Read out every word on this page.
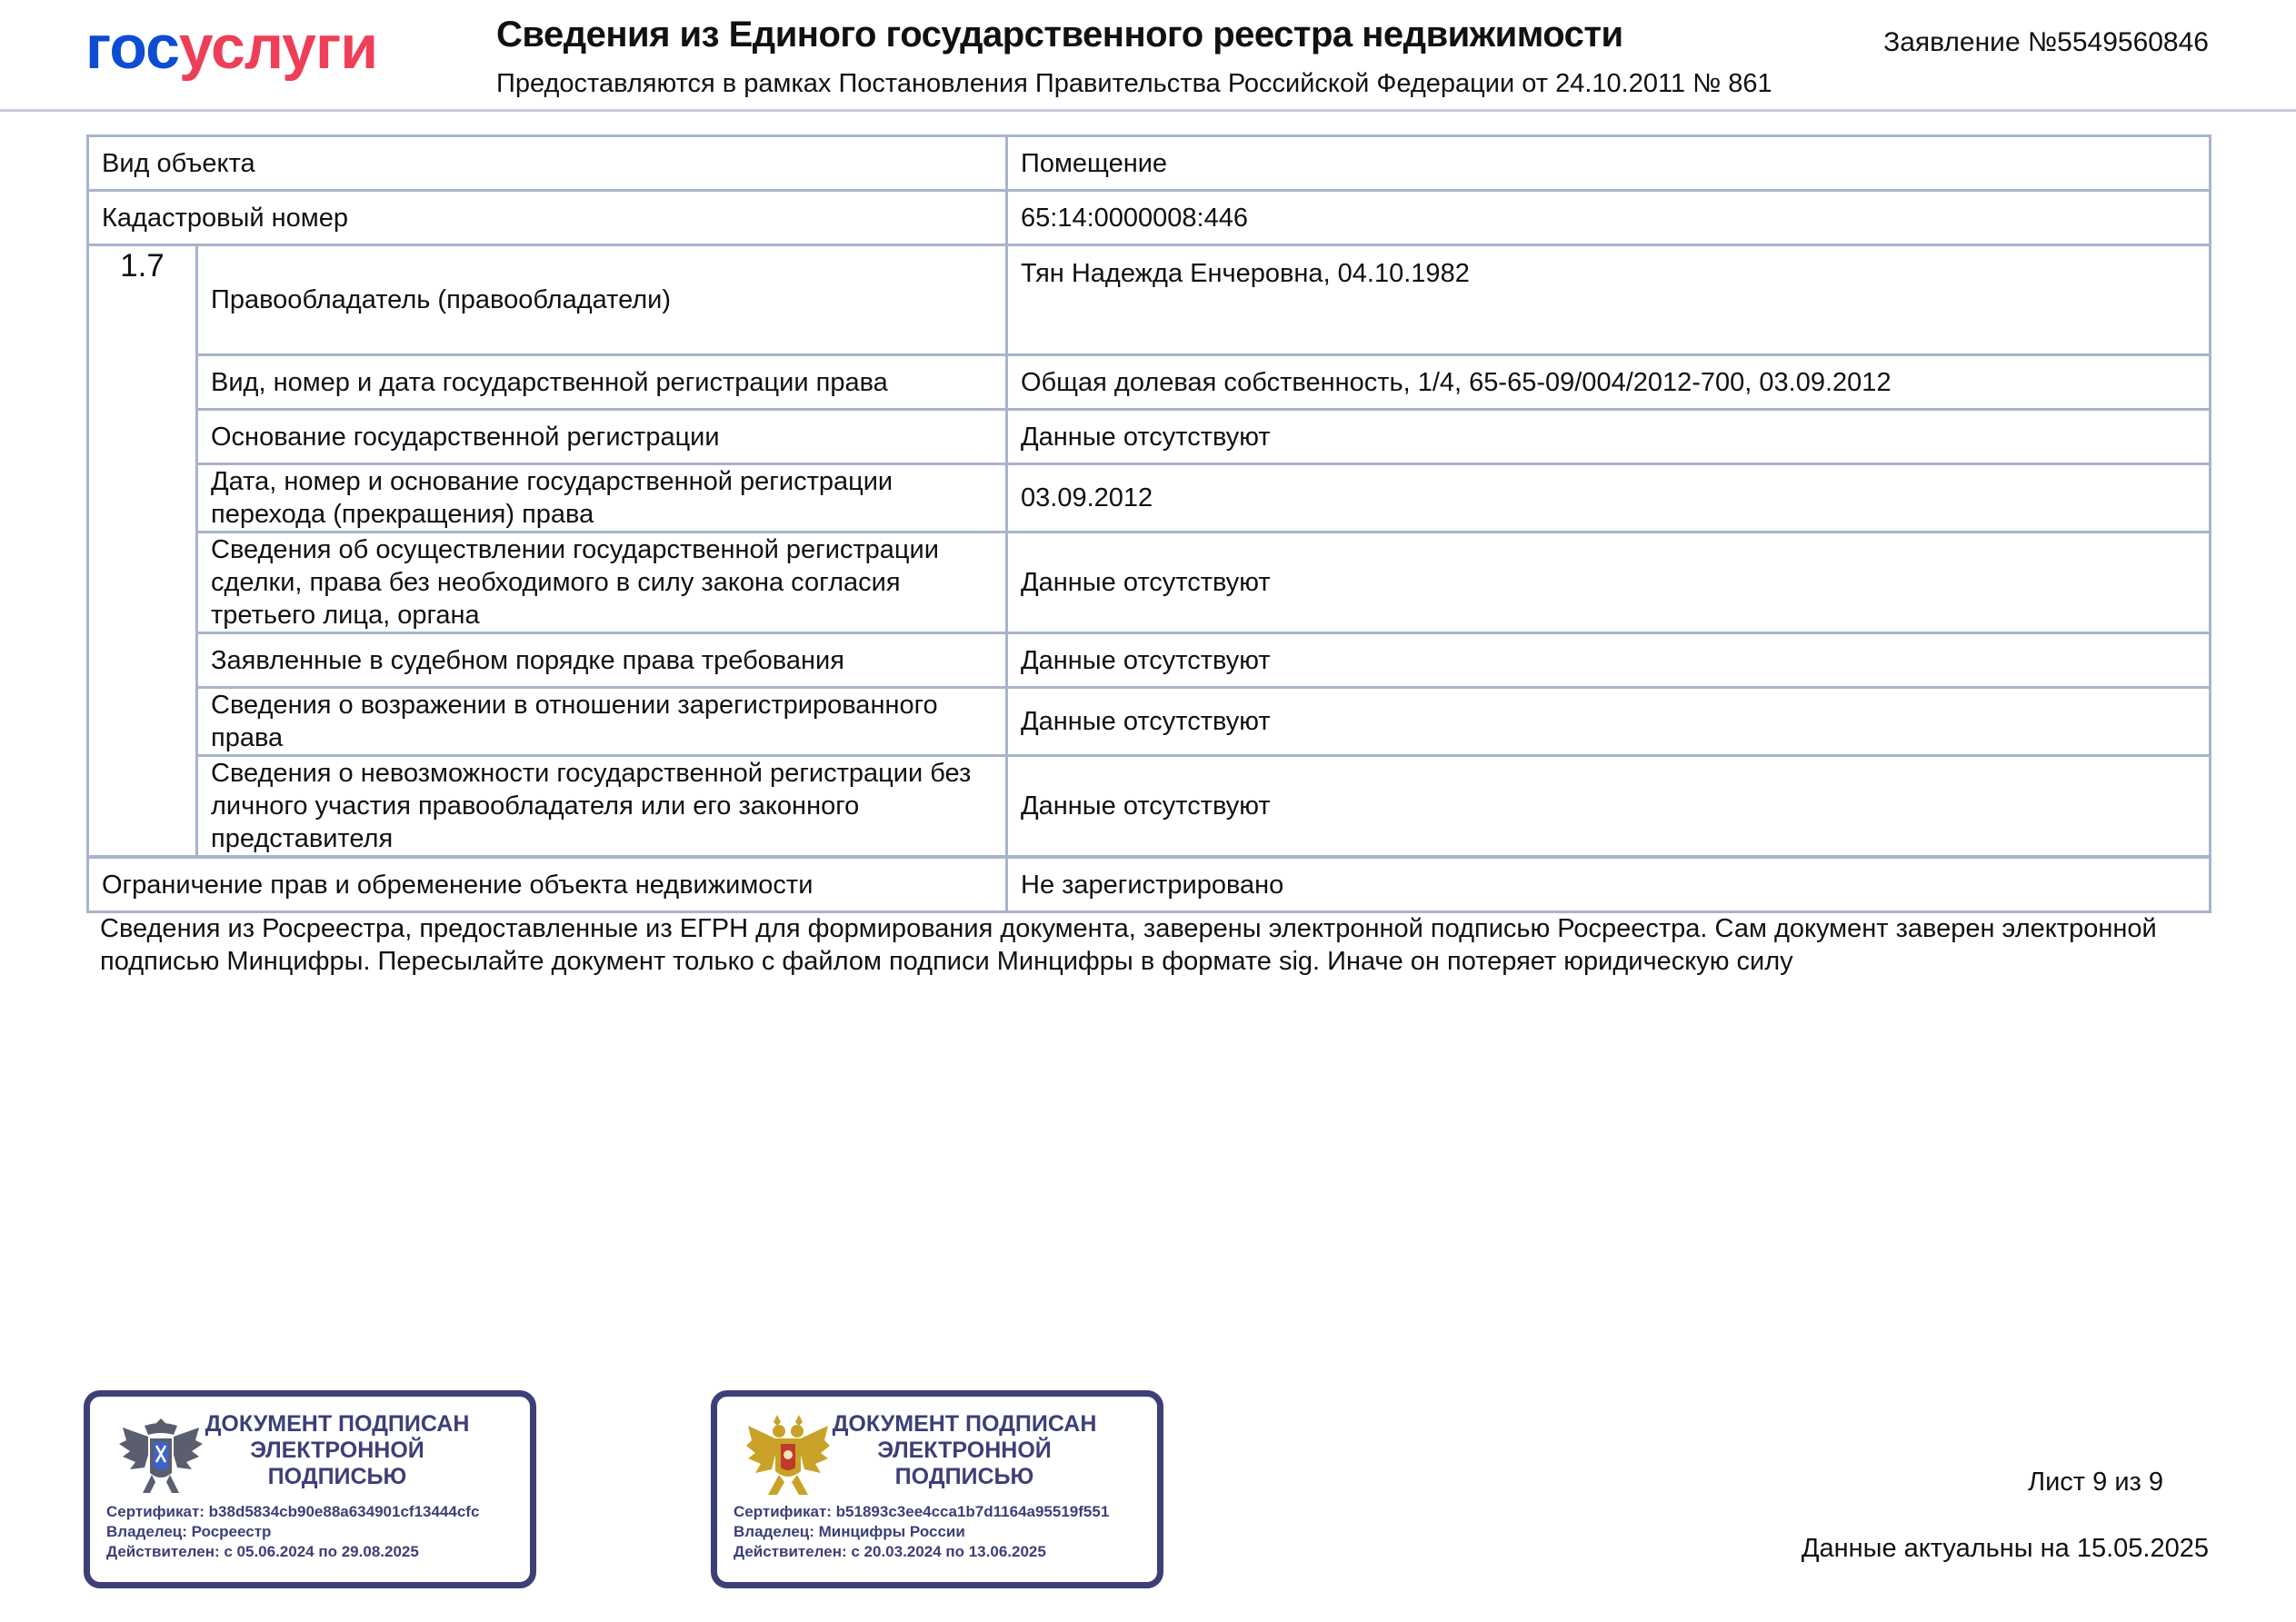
госуслуги	Сведения из Единого государственного реестра недвижимости
Предоставляются в рамках Постановления Правительства Российской Федерации от 24.10.2011 № 861
Заявление №5549560846
Вид объекта		Помещение
Кадастровый номер		65:14:0000008:446
1.7	Правообладатель (правообладатели)	Тян Надежда Енчеровна, 04.10.1982
	Вид, номер и дата государственной регистрации права	Общая долевая собственность, 1/4, 65-65-09/004/2012-700, 03.09.2012
	Основание государственной регистрации	Данные отсутствуют
	Дата, номер и основание государственной регистрации перехода (прекращения) права	03.09.2012
	Сведения об осуществлении государственной регистрации сделки, права без необходимого в силу закона согласия третьего лица, органа	Данные отсутствуют
	Заявленные в судебном порядке права требования	Данные отсутствуют
	Сведения о возражении в отношении зарегистрированного права	Данные отсутствуют
	Сведения о невозможности государственной регистрации без личного участия правообладателя или его законного представителя	Данные отсутствуют
Ограничение прав и обременение объекта недвижимости	Не зарегистрировано
Сведения из Росреестра, предоставленные из ЕГРН для формирования документа, заверены электронной подписью Росреестра. Сам документ заверен электронной подписью Минцифры. Пересылайте документ только с файлом подписи Минцифры в формате sig. Иначе он потеряет юридическую силу
ДОКУМЕНТ ПОДПИСАН ЭЛЕКТРОННОЙ ПОДПИСЬЮ
Сертификат: b38d5834cb90e88a634901cf13444cfc
Владелец: Росреестр
Действителен: с 05.06.2024 по 29.08.2025
ДОКУМЕНТ ПОДПИСАН ЭЛЕКТРОННОЙ ПОДПИСЬЮ
Сертификат: b51893c3ee4cca1b7d1164a95519f551
Владелец: Минцифры России
Действителен: с 20.03.2024 по 13.06.2025
Лист 9 из 9
Данные актуальны на 15.05.2025
